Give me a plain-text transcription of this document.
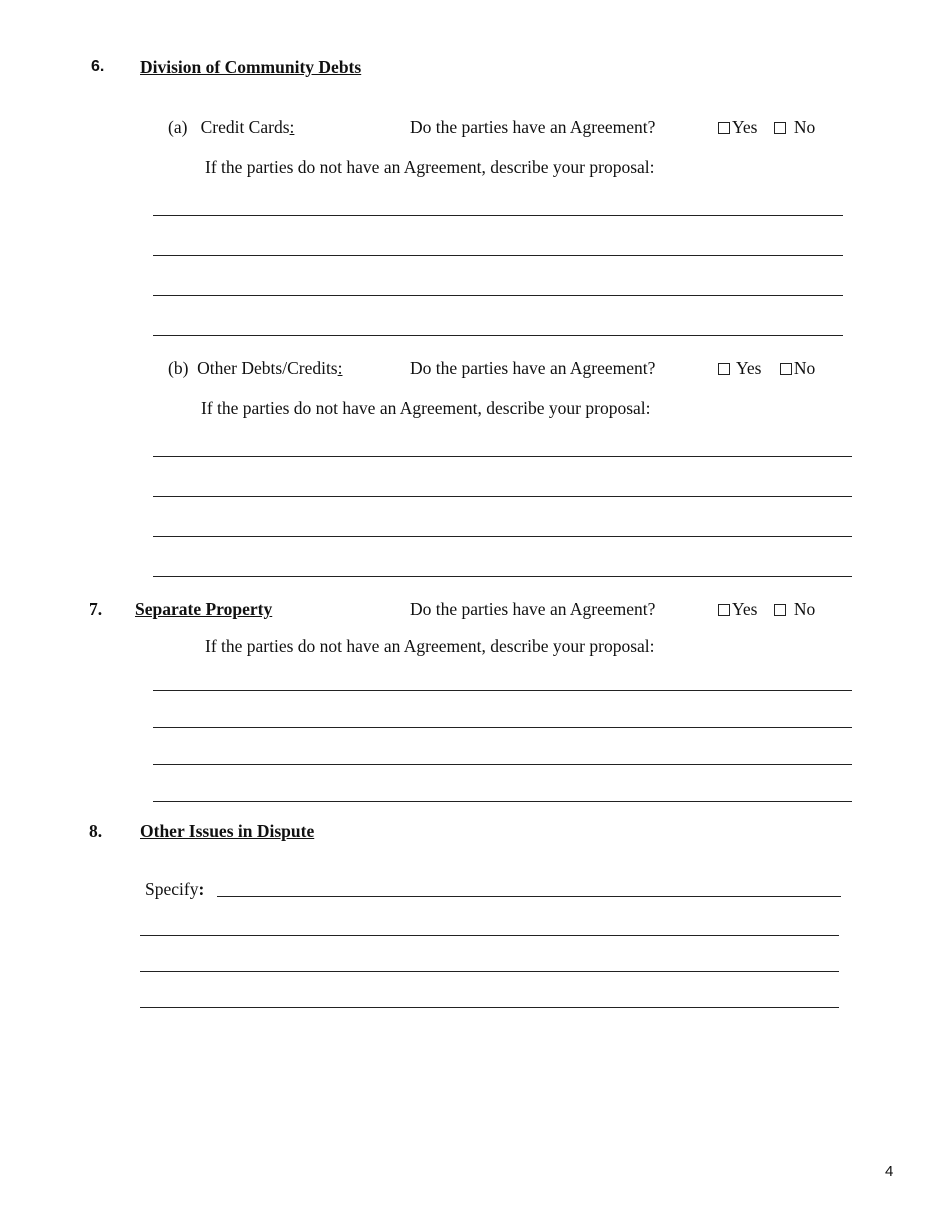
6. Division of Community Debts
(a) Credit Cards:	Do the parties have an Agreement?	Yes No
If the parties do not have an Agreement, describe your proposal:
(b) Other Debts/Credits:	Do the parties have an Agreement?	Yes No
If the parties do not have an Agreement, describe your proposal:
7. Separate Property	Do the parties have an Agreement?	Yes No
If the parties do not have an Agreement, describe your proposal:
8. Other Issues in Dispute
Specify:
4
